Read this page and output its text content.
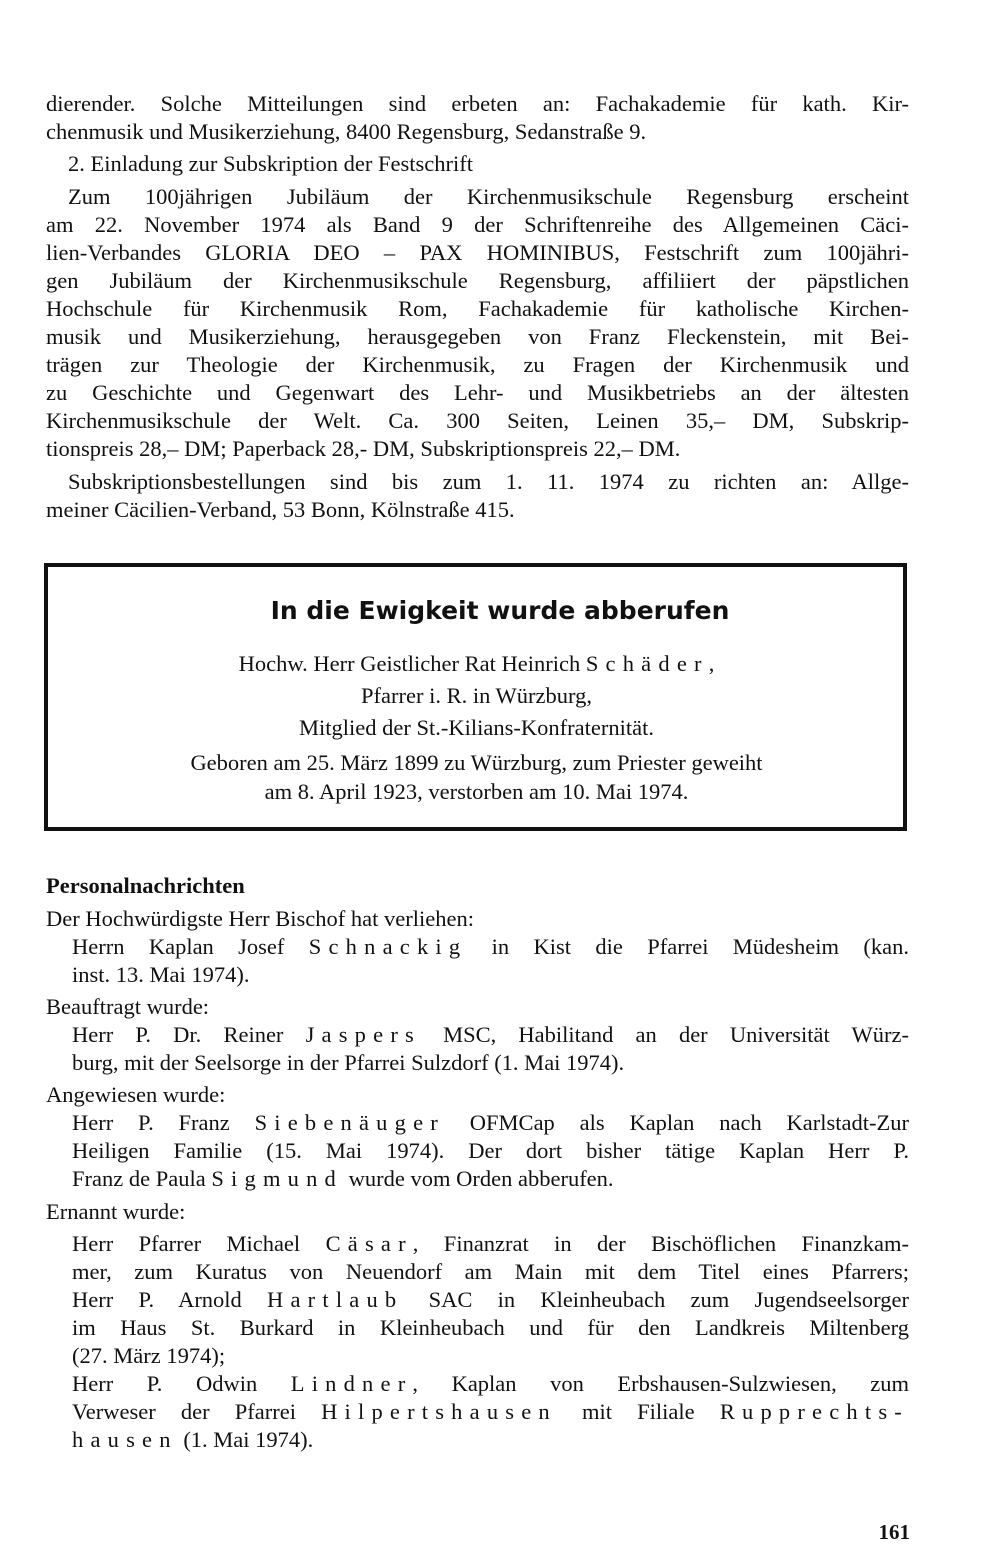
dierender. Solche Mitteilungen sind erbeten an: Fachakademie für kath. Kir-
chenmusik und Musikerziehung, 8400 Regensburg, Sedanstraße 9.
2. Einladung zur Subskription der Festschrift
Zum 100jährigen Jubiläum der Kirchenmusikschule Regensburg erscheint
am 22. November 1974 als Band 9 der Schriftenreihe des Allgemeinen Cäci-
lien-Verbandes GLORIA DEO – PAX HOMINIBUS, Festschrift zum 100jähri-
gen Jubiläum der Kirchenmusikschule Regensburg, affiliiert der päpstlichen
Hochschule für Kirchenmusik Rom, Fachakademie für katholische Kirchen-
musik und Musikerziehung, herausgegeben von Franz Fleckenstein, mit Bei-
trägen zur Theologie der Kirchenmusik, zu Fragen der Kirchenmusik und
zu Geschichte und Gegenwart des Lehr- und Musikbetriebs an der ältesten
Kirchenmusikschule der Welt. Ca. 300 Seiten, Leinen 35,– DM, Subskrip-
tionspreis 28,– DM; Paperback 28,- DM, Subskriptionspreis 22,– DM.
Subskriptionsbestellungen sind bis zum 1. 11. 1974 zu richten an: Allge-
meiner Cäcilien-Verband, 53 Bonn, Kölnstraße 415.
In die Ewigkeit wurde abberufen
Hochw. Herr Geistlicher Rat Heinrich Schäder,
Pfarrer i. R. in Würzburg,
Mitglied der St.-Kilians-Konfraternität.
Geboren am 25. März 1899 zu Würzburg, zum Priester geweiht
am 8. April 1923, verstorben am 10. Mai 1974.
Personalnachrichten
Der Hochwürdigste Herr Bischof hat verliehen:
Herrn Kaplan Josef Schnackig in Kist die Pfarrei Müdesheim (kan.
inst. 13. Mai 1974).
Beauftragt wurde:
Herr P. Dr. Reiner Jaspers MSC, Habilitand an der Universität Würz-
burg, mit der Seelsorge in der Pfarrei Sulzdorf (1. Mai 1974).
Angewiesen wurde:
Herr P. Franz Siebenäuger OFMCap als Kaplan nach Karlstadt-Zur
Heiligen Familie (15. Mai 1974). Der dort bisher tätige Kaplan Herr P.
Franz de Paula Sigmund wurde vom Orden abberufen.
Ernannt wurde:
Herr Pfarrer Michael Cäsar, Finanzrat in der Bischöflichen Finanzkam-
mer, zum Kuratus von Neuendorf am Main mit dem Titel eines Pfarrers;
Herr P. Arnold Hartlaub SAC in Kleinheubach zum Jugendseelsorger
im Haus St. Burkard in Kleinheubach und für den Landkreis Miltenberg
(27. März 1974);
Herr P. Odwin Lindner, Kaplan von Erbshausen-Sulzwiesen, zum
Verweser der Pfarrei Hilpertshausen mit Filiale Rupprechts-
hausen (1. Mai 1974).
161
